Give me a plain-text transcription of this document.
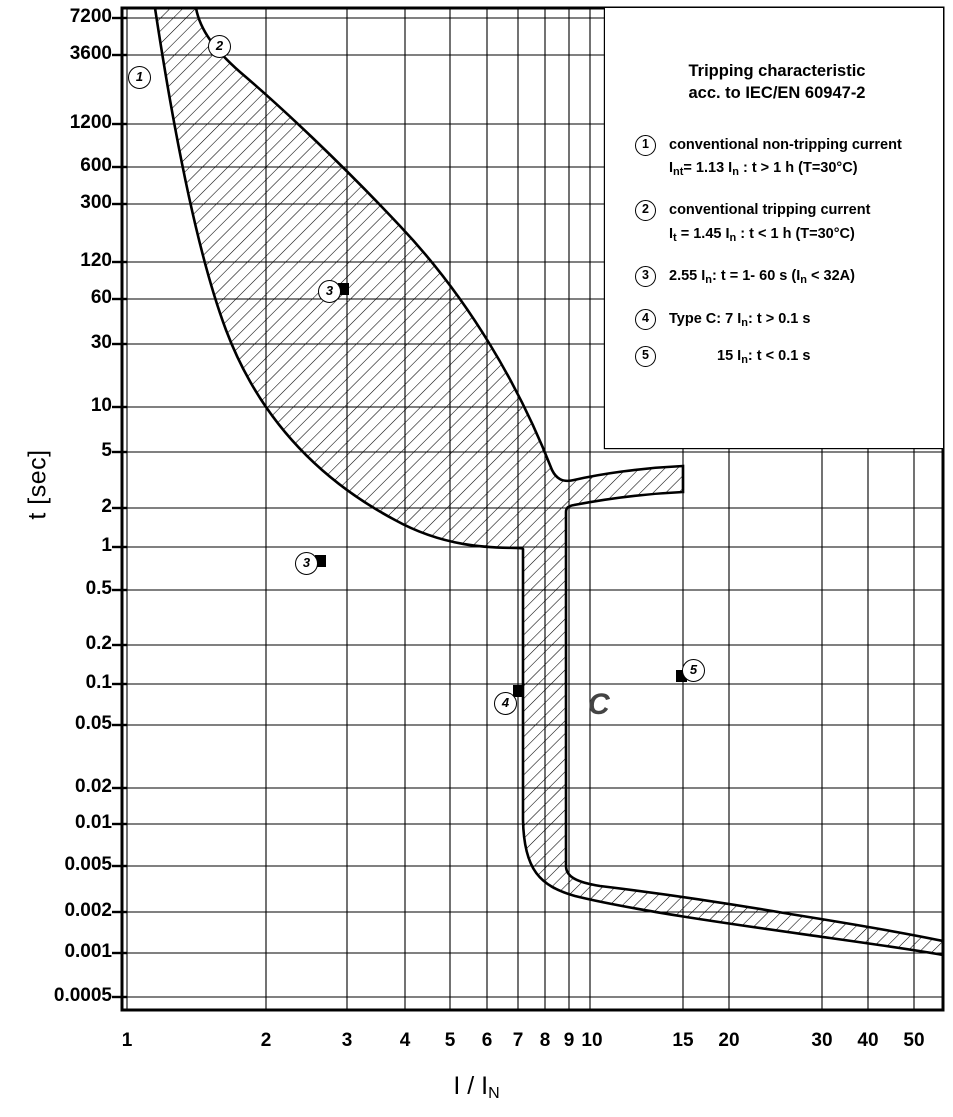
7200
3600
1200
600
300
120
60
30
10
5
2
1
0.5
0.2
0.1
0.05
0.02
0.01
0.005
0.002
0.001
0.0005
1	2	3 4 5 6 7 8 9 10	15 20	30 40 50
t [sec]
I / $I_N$
Tripping characteristic
acc. to IEC/EN 60947-2
1	conventional non-tripping current
$I_{nt}= 1.13$ $I_n$ : t > 1 h (T=30°C)
2	conventional tripping current
$I_t = 1.45$ $I_n$ : t < 1 h (T=30°C)
3	2.55 $I_n$: t = 1- 60 s $(I_n < 32A)$
4	Type C: 7 $I_n$: t > 0.1 s
5	15 $I_n$: t < 0.1 s
1
2
3
3
4
5
C
